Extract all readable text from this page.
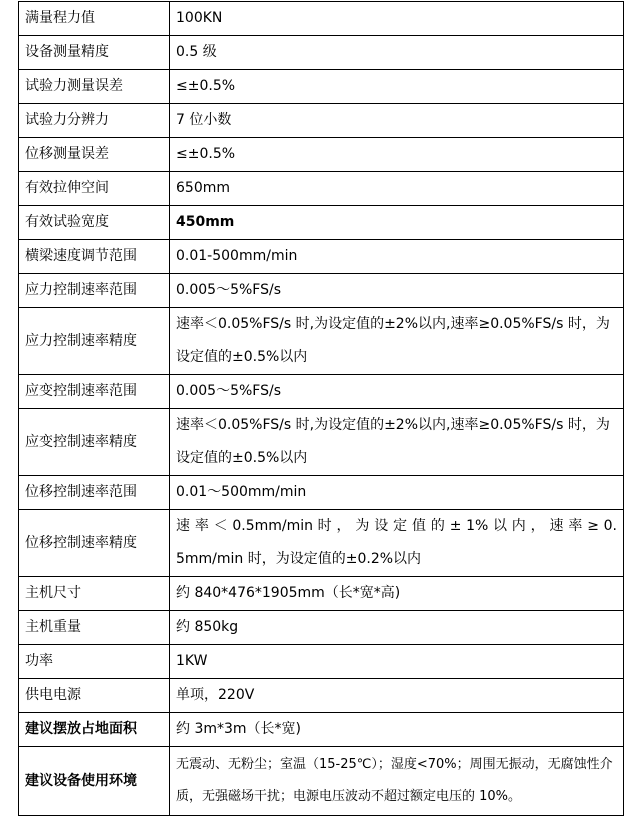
满量程力值	100KN
设备测量精度	0.5 级
试验力测量误差	≤±0.5%
试验力分辨力	7 位小数
位移测量误差	≤±0.5%
有效拉伸空间	650mm
有效试验宽度	450mm
横梁速度调节范围	0.01-500mm/min
应力控制速率范围	0.005～5%FS/s
应力控制速率精度	速率＜0.05%FS/s 时,为设定值的±2%以内,速率≥0.05%FS/s 时，为设定值的±0.5%以内
应变控制速率范围	0.005～5%FS/s
应变控制速率精度	速率＜0.05%FS/s 时,为设定值的±2%以内,速率≥0.05%FS/s 时，为设定值的±0.5%以内
位移控制速率范围	0.01～500mm/min
位移控制速率精度	速 率 ＜ 0.5mm/min 时 ， 为 设 定 值 的 ± 1% 以 内 ， 速 率 ≥ 0.5mm/min 时，为设定值的±0.2%以内
主机尺寸	约 840*476*1905mm（长*宽*高)
主机重量	约 850kg
功率	1KW
供电电源	单项，220V
建议摆放占地面积	约 3m*3m（长*宽)
建议设备使用环境	无震动、无粉尘；室温（15-25℃）；湿度<70%；周围无振动，无腐蚀性介质，无强磁场干扰；电源电压波动不超过额定电压的 10%。
